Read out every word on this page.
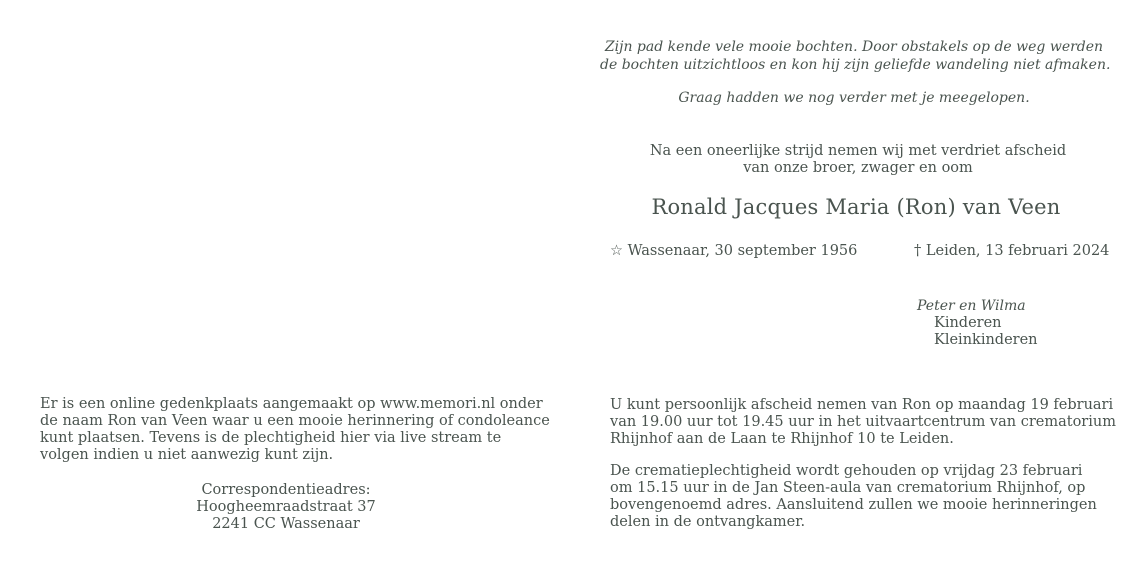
Zijn pad kende vele mooie bochten. Door obstakels op de weg werden
de bochten uitzichtloos en kon hij zijn geliefde wandeling niet afmaken.
Graag hadden we nog verder met je meegelopen.
Na een oneerlijke strijd nemen wij met verdriet afscheid
van onze broer, zwager en oom
Ronald Jacques Maria (Ron) van Veen
☆ Wassenaar, 30 september 1956	† Leiden, 13 februari 2024
Peter en Wilma
Kinderen
Kleinkinderen
Er is een online gedenkplaats aangemaakt op www.memori.nl onder
de naam Ron van Veen waar u een mooie herinnering of condoleance
kunt plaatsen. Tevens is de plechtigheid hier via live stream te
volgen indien u niet aanwezig kunt zijn.
Correspondentieadres:
Hoogheemraadstraat 37
2241 CC Wassenaar
U kunt persoonlijk afscheid nemen van Ron op maandag 19 februari
van 19.00 uur tot 19.45 uur in het uitvaartcentrum van crematorium
Rhijnhof aan de Laan te Rhijnhof 10 te Leiden.
De crematieplechtigheid wordt gehouden op vrijdag 23 februari
om 15.15 uur in de Jan Steen-aula van crematorium Rhijnhof, op
bovengenoemd adres. Aansluitend zullen we mooie herinneringen
delen in de ontvangkamer.
